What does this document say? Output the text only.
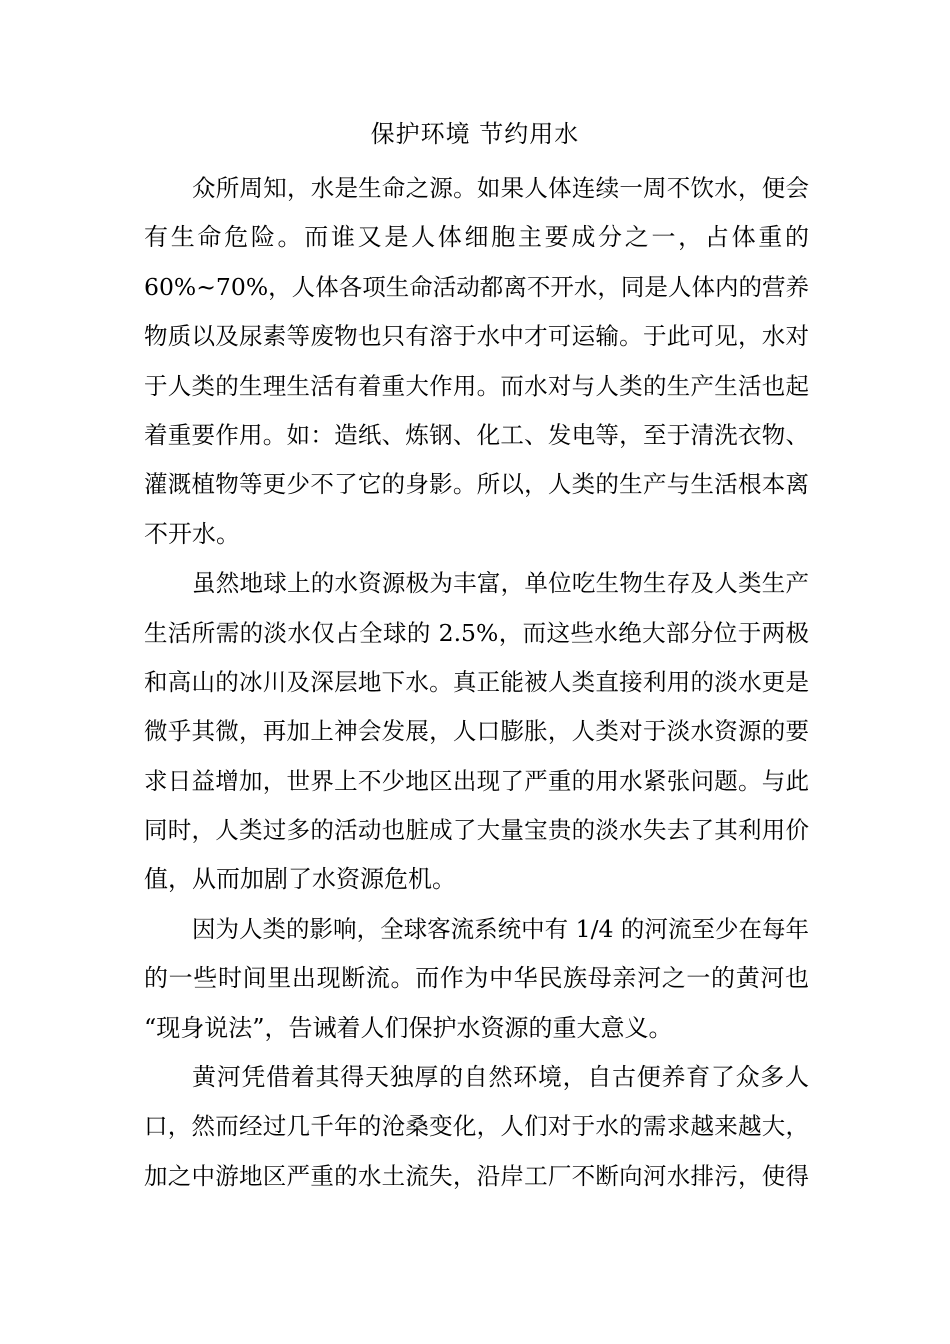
保护环境 节约用水
众所周知，水是生命之源。如果人体连续一周不饮水，便会
有生命危险。而谁又是人体细胞主要成分之一，占体重的
60%~70%，人体各项生命活动都离不开水，同是人体内的营养
物质以及尿素等废物也只有溶于水中才可运输。于此可见，水对
于人类的生理生活有着重大作用。而水对与人类的生产生活也起
着重要作用。如：造纸、炼钢、化工、发电等，至于清洗衣物、
灌溉植物等更少不了它的身影。所以，人类的生产与生活根本离
不开水。
虽然地球上的水资源极为丰富，单位吃生物生存及人类生产
生活所需的淡水仅占全球的 2.5%，而这些水绝大部分位于两极
和高山的冰川及深层地下水。真正能被人类直接利用的淡水更是
微乎其微，再加上神会发展，人口膨胀，人类对于淡水资源的要
求日益增加，世界上不少地区出现了严重的用水紧张问题。与此
同时，人类过多的活动也脏成了大量宝贵的淡水失去了其利用价
值，从而加剧了水资源危机。
因为人类的影响，全球客流系统中有 1/4 的河流至少在每年
的一些时间里出现断流。而作为中华民族母亲河之一的黄河也
“现身说法”，告诫着人们保护水资源的重大意义。
黄河凭借着其得天独厚的自然环境，自古便养育了众多人
口，然而经过几千年的沧桑变化，人们对于水的需求越来越大，
加之中游地区严重的水土流失，沿岸工厂不断向河水排污，使得
